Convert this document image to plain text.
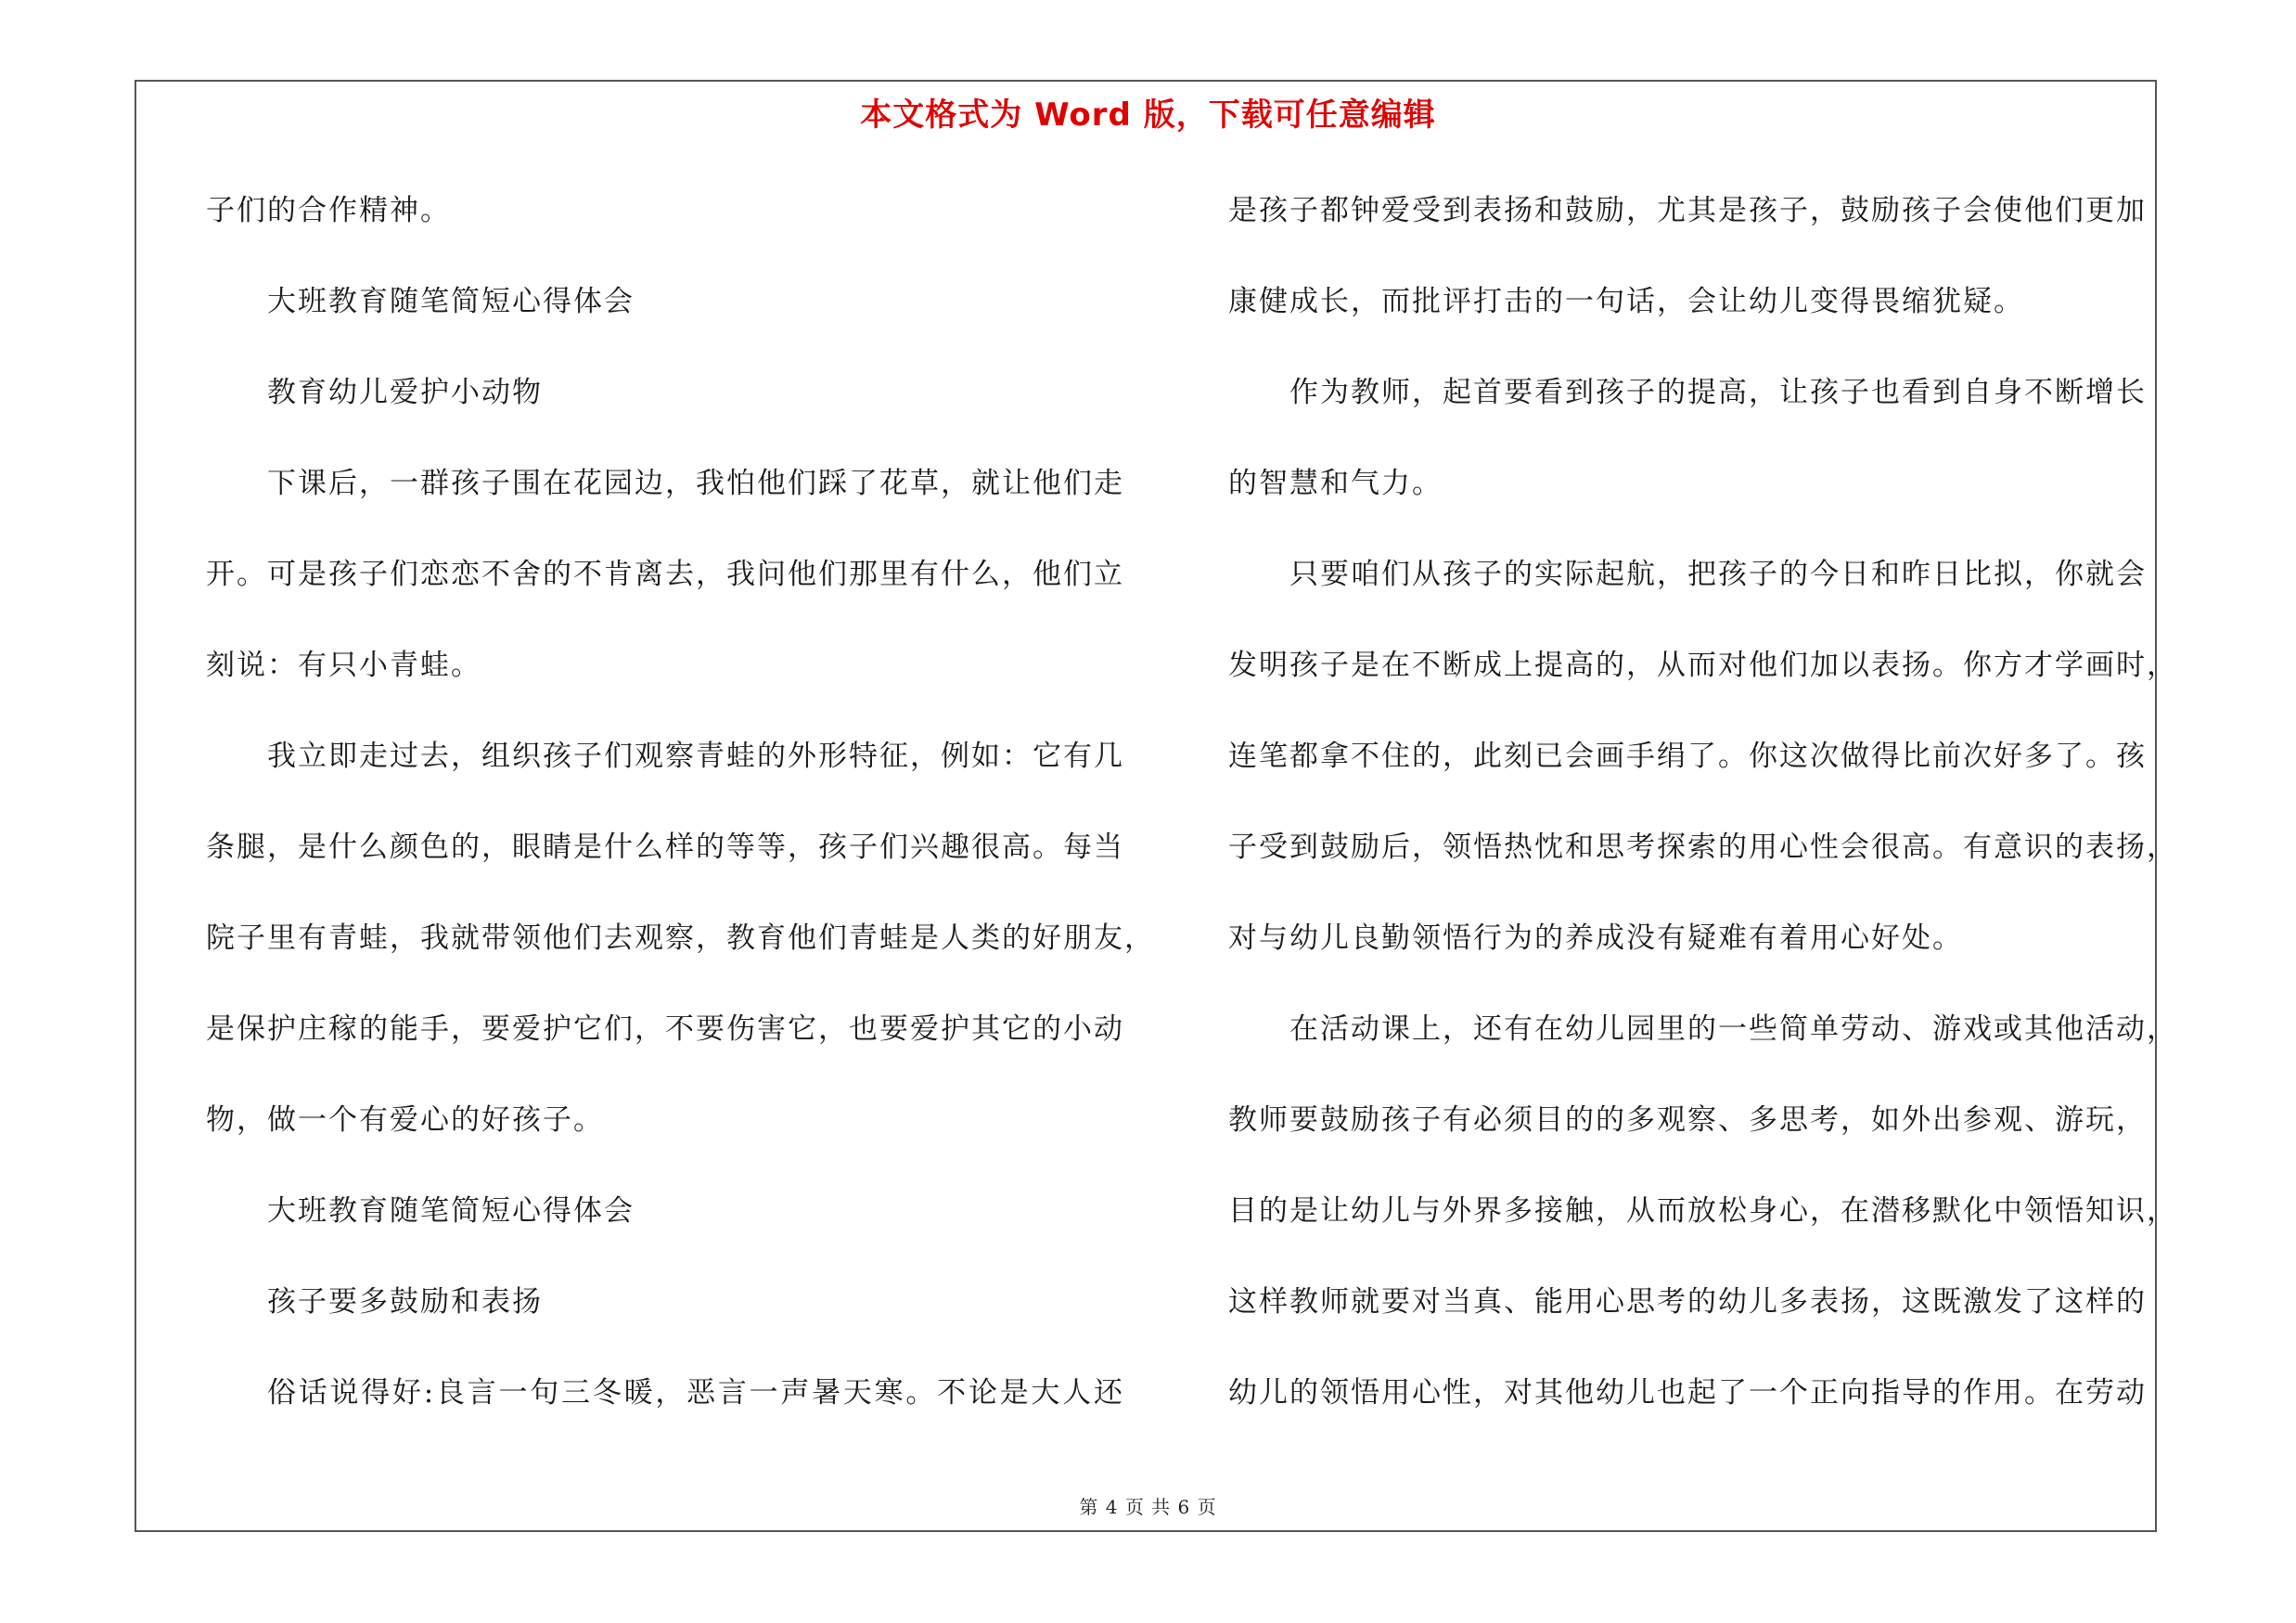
本文格式为 Word 版，下载可任意编辑
子们的合作精神。
大班教育随笔简短心得体会
教育幼儿爱护小动物
下课后，一群孩子围在花园边，我怕他们踩了花草，就让他们走
开。可是孩子们恋恋不舍的不肯离去，我问他们那里有什么，他们立
刻说：有只小青蛙。
我立即走过去，组织孩子们观察青蛙的外形特征，例如：它有几
条腿，是什么颜色的，眼睛是什么样的等等，孩子们兴趣很高。每当
院子里有青蛙，我就带领他们去观察，教育他们青蛙是人类的好朋友，
是保护庄稼的能手，要爱护它们，不要伤害它，也要爱护其它的小动
物，做一个有爱心的好孩子。
大班教育随笔简短心得体会
孩子要多鼓励和表扬
俗话说得好:良言一句三冬暖，恶言一声暑天寒。不论是大人还
是孩子都钟爱受到表扬和鼓励，尤其是孩子，鼓励孩子会使他们更加
康健成长，而批评打击的一句话，会让幼儿变得畏缩犹疑。
作为教师，起首要看到孩子的提高，让孩子也看到自身不断增长
的智慧和气力。
只要咱们从孩子的实际起航，把孩子的今日和昨日比拟，你就会
发明孩子是在不断成上提高的，从而对他们加以表扬。你方才学画时，
连笔都拿不住的，此刻已会画手绢了。你这次做得比前次好多了。孩
子受到鼓励后，领悟热忱和思考探索的用心性会很高。有意识的表扬，
对与幼儿良勤领悟行为的养成没有疑难有着用心好处。
在活动课上，还有在幼儿园里的一些简单劳动、游戏或其他活动，
教师要鼓励孩子有必须目的的多观察、多思考，如外出参观、游玩，
目的是让幼儿与外界多接触，从而放松身心，在潜移默化中领悟知识，
这样教师就要对当真、能用心思考的幼儿多表扬，这既激发了这样的
幼儿的领悟用心性，对其他幼儿也起了一个正向指导的作用。在劳动
第 4 页 共 6 页
